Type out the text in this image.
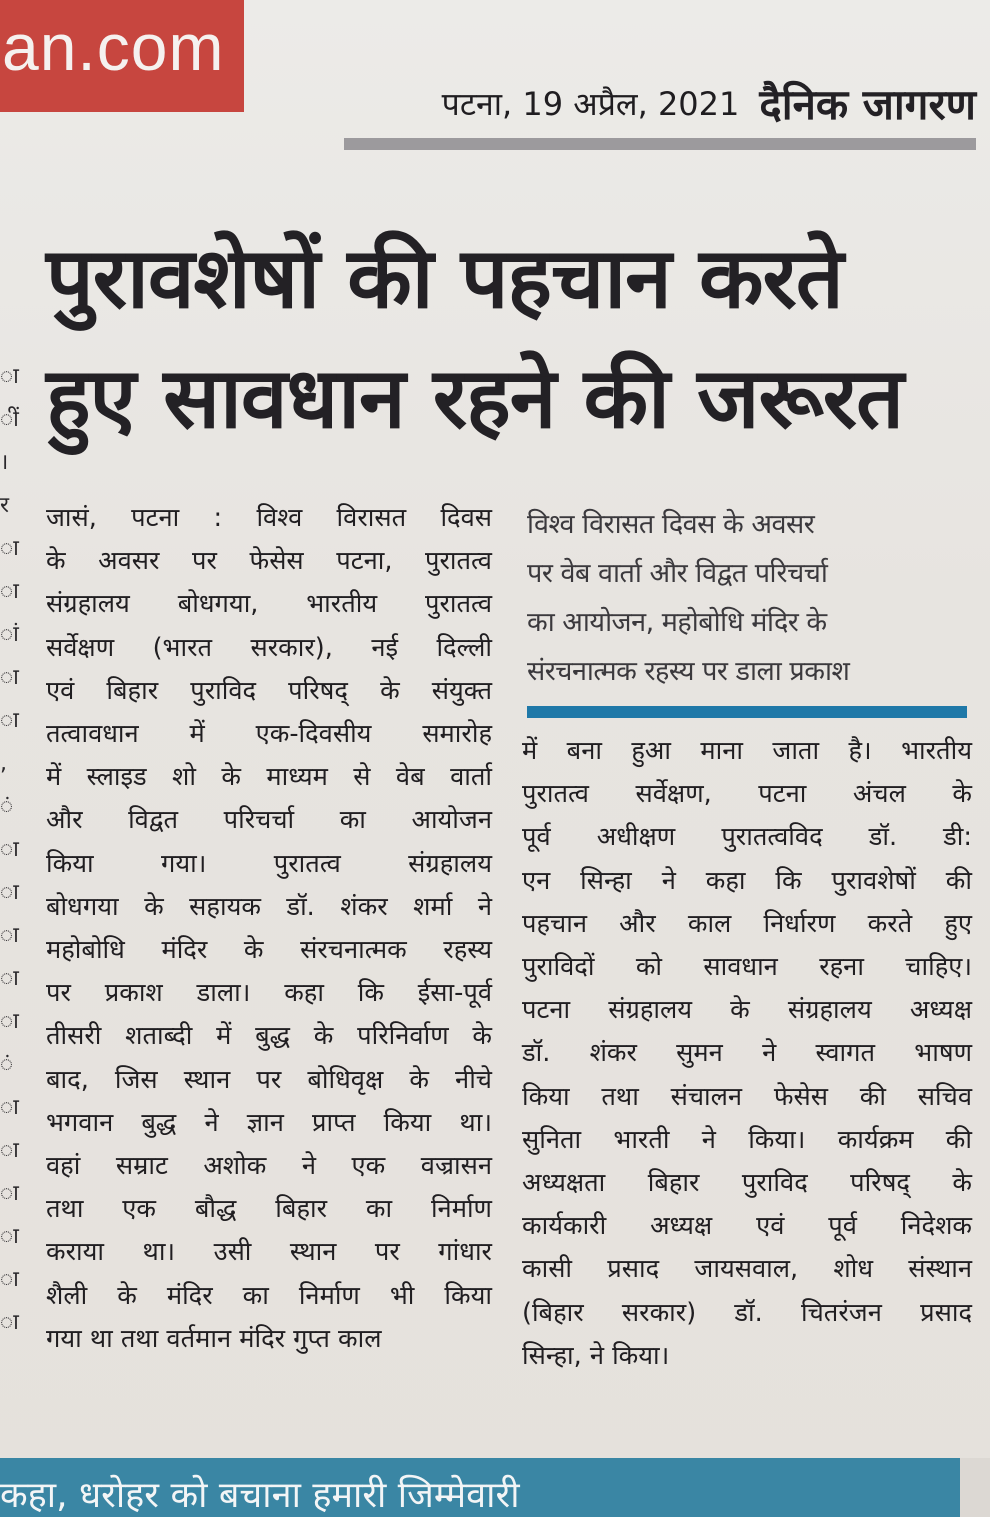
an.com
पटना, 19 अप्रैल, 2021 दैनिक जागरण
ा
ीं
।
र
ा
ा
ां
ा
ा
,
ं
ा
ा
ा
ा
ा
ं
ा
ा
ा
ा
ा
ा
पुरावशेषों की पहचान करते
हुए सावधान रहने की जरूरत
जासं, पटना : विश्व विरासत दिवस
के अवसर पर फेसेस पटना, पुरातत्व
संग्रहालय बोधगया, भारतीय पुरातत्व
सर्वेक्षण (भारत सरकार), नई दिल्ली
एवं बिहार पुराविद परिषद् के संयुक्त
तत्वावधान में एक-दिवसीय समारोह
में स्लाइड शो के माध्यम से वेब वार्ता
और विद्वत परिचर्चा का आयोजन
किया गया। पुरातत्व संग्रहालय
बोधगया के सहायक डॉ. शंकर शर्मा ने
महोबोधि मंदिर के संरचनात्मक रहस्य
पर प्रकाश डाला। कहा कि ईसा-पूर्व
तीसरी शताब्दी में बुद्ध के परिनिर्वाण के
बाद, जिस स्थान पर बोधिवृक्ष के नीचे
भगवान बुद्ध ने ज्ञान प्राप्त किया था।
वहां सम्राट अशोक ने एक वज्रासन
तथा एक बौद्ध बिहार का निर्माण
कराया था। उसी स्थान पर गांधार
शैली के मंदिर का निर्माण भी किया
गया था तथा वर्तमान मंदिर गुप्त काल
विश्व विरासत दिवस के अवसर
पर वेब वार्ता और विद्वत परिचर्चा
का आयोजन, महोबोधि मंदिर के
संरचनात्मक रहस्य पर डाला प्रकाश
में बना हुआ माना जाता है। भारतीय
पुरातत्व सर्वेक्षण, पटना अंचल के
पूर्व अधीक्षण पुरातत्वविद डॉ. डी:
एन सिन्हा ने कहा कि पुरावशेषों की
पहचान और काल निर्धारण करते हुए
पुराविदों को सावधान रहना चाहिए।
पटना संग्रहालय के संग्रहालय अध्यक्ष
डॉ. शंकर सुमन ने स्वागत भाषण
किया तथा संचालन फेसेस की सचिव
सुनिता भारती ने किया। कार्यक्रम की
अध्यक्षता बिहार पुराविद परिषद् के
कार्यकारी अध्यक्ष एवं पूर्व निदेशक
कासी प्रसाद जायसवाल, शोध संस्थान
(बिहार सरकार) डॉ. चितरंजन प्रसाद
सिन्हा, ने किया।
कहा, धरोहर को बचाना हमारी जिम्मेवारी
